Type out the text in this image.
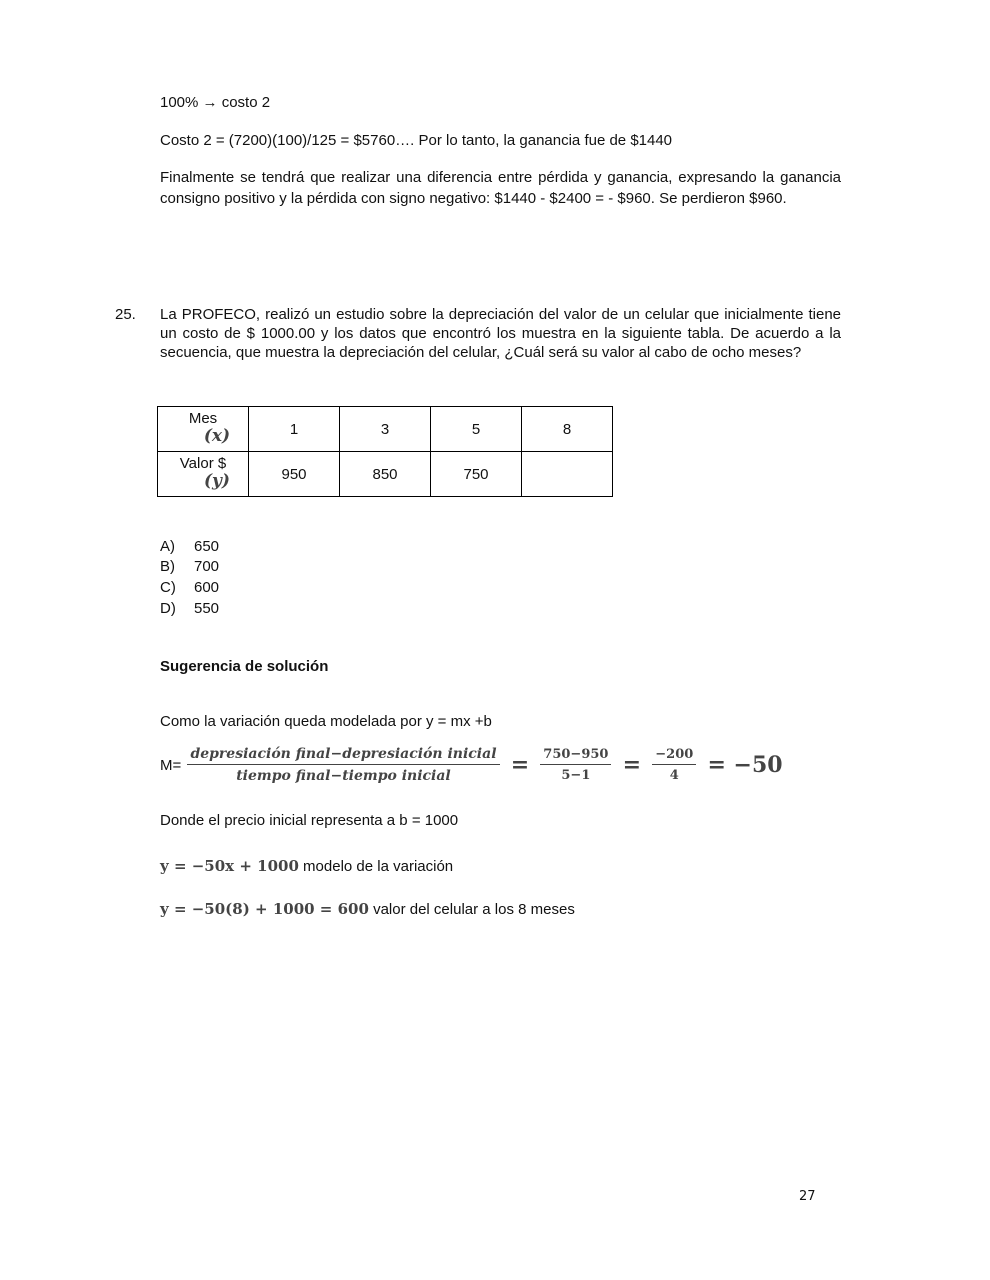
100% → costo 2
Costo 2 = (7200)(100)/125 = $5760…. Por lo tanto, la ganancia fue de $1440
Finalmente se tendrá que realizar una diferencia entre pérdida y ganancia, expresando la ganancia consigno positivo y la pérdida con signo negativo: $1440 - $2400 = - $960. Se perdieron $960.
25. La PROFECO, realizó un estudio sobre la depreciación del valor de un celular que inicialmente tiene un costo de $ 1000.00 y los datos que encontró los muestra en la siguiente tabla. De acuerdo a la secuencia, que muestra la depreciación del celular, ¿Cuál será su valor al cabo de ocho meses?
Mes
(x)	1	3	5	8

Valor $
(y)	950	850	750	
A) 650
B) 700
C) 600
D) 550
Sugerencia de solución
Como la variación queda modelada por y = mx +b
$M= \frac{\text{depresiación final−depresiación inicial}}{\text{tiempo final−tiempo inicial}} = \frac{750-950}{5-1} = \frac{-200}{4} = -50$
Donde el precio inicial representa a b = 1000
y = −50x + 1000 modelo de la variación
y = −50(8) + 1000 = 600 valor del celular a los 8 meses
27
